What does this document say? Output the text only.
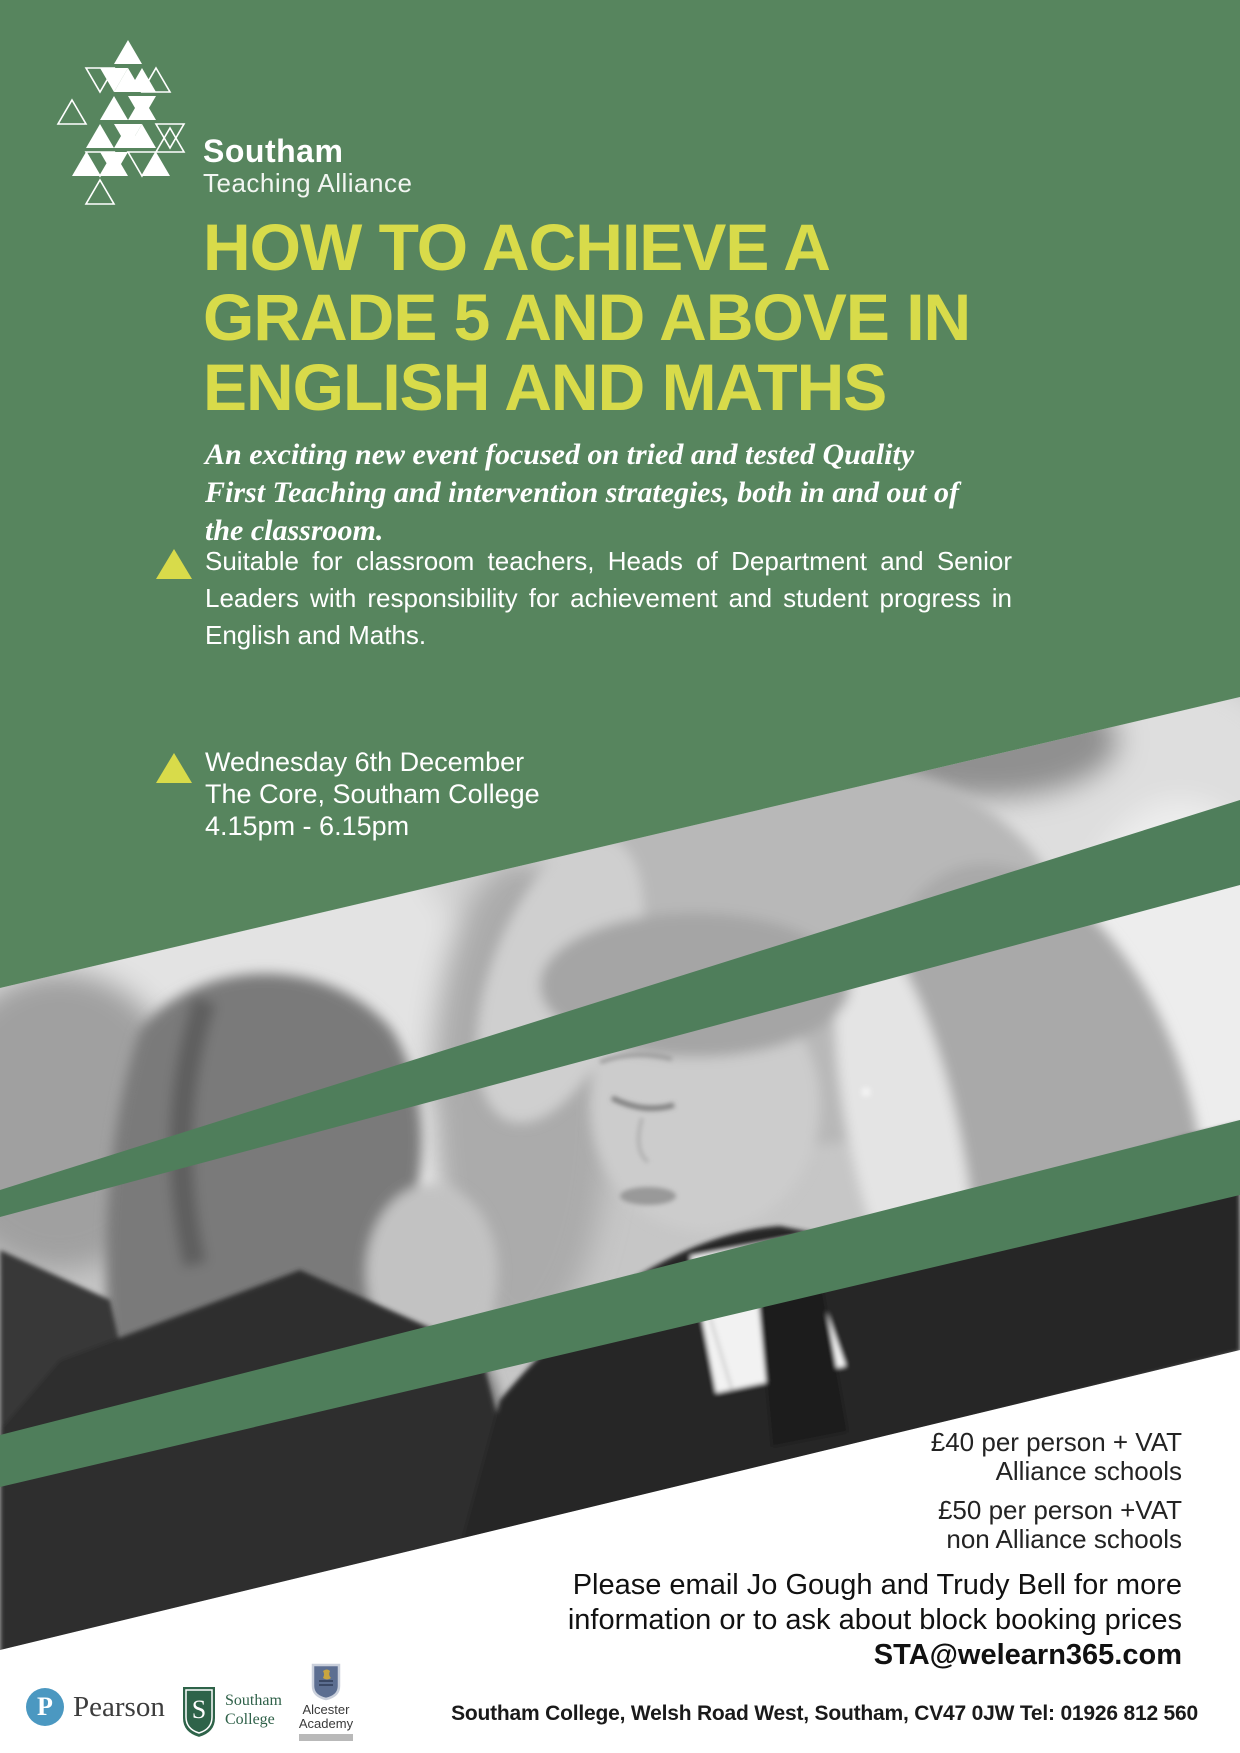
Southam
Teaching Alliance
HOW TO ACHIEVE A
GRADE 5 AND ABOVE IN
ENGLISH AND MATHS
An exciting new event focused on tried and tested Quality
First Teaching and intervention strategies, both in and out of
the classroom.
Suitable for classroom teachers, Heads of Department and Senior
Leaders with responsibility for achievement and student progress in
English and Maths.
Wednesday 6th December
The Core, Southam College
4.15pm - 6.15pm
£40 per person + VAT
Alliance schools
£50 per person +VAT
non Alliance schools
Please email Jo Gough and Trudy Bell for more
information or to ask about block booking prices
STA@welearn365.com
P Pearson S Southam
College
Alcester
Academy	Southam College, Welsh Road West, Southam, CV47 0JW Tel: 01926 812 560
